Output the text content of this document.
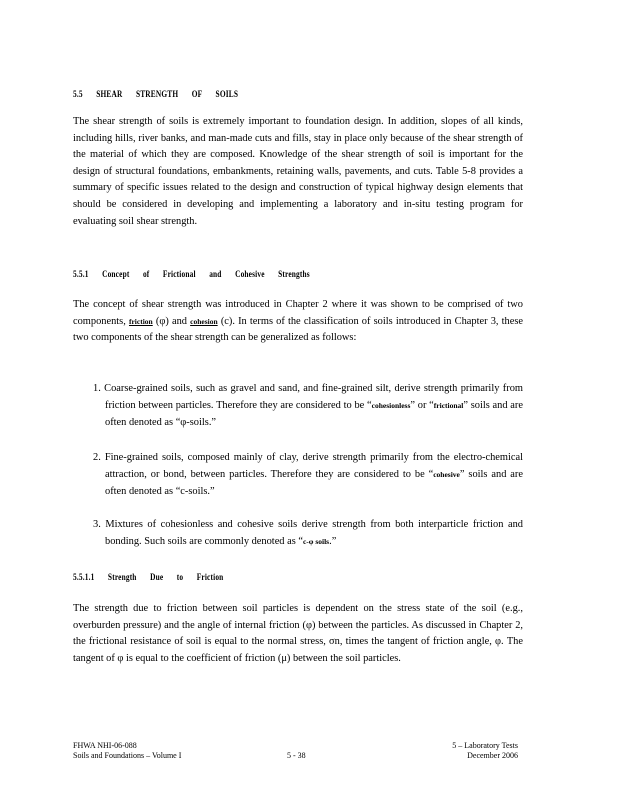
5.5 SHEAR STRENGTH OF SOILS
The shear strength of soils is extremely important to foundation design. In addition, slopes of all kinds, including hills, river banks, and man-made cuts and fills, stay in place only because of the shear strength of the material of which they are composed. Knowledge of the shear strength of soil is important for the design of structural foundations, embankments, retaining walls, pavements, and cuts. Table 5-8 provides a summary of specific issues related to the design and construction of typical highway design elements that should be considered in developing and implementing a laboratory and in-situ testing program for evaluating soil shear strength.
5.5.1 Concept of Frictional and Cohesive Strengths
The concept of shear strength was introduced in Chapter 2 where it was shown to be comprised of two components, friction (φ) and cohesion (c). In terms of the classification of soils introduced in Chapter 3, these two components of the shear strength can be generalized as follows:
1. Coarse-grained soils, such as gravel and sand, and fine-grained silt, derive strength primarily from friction between particles. Therefore they are considered to be “cohesionless” or “frictional” soils and are often denoted as “φ-soils.”
2. Fine-grained soils, composed mainly of clay, derive strength primarily from the electro-chemical attraction, or bond, between particles. Therefore they are considered to be “cohesive” soils and are often denoted as “c-soils.”
3. Mixtures of cohesionless and cohesive soils derive strength from both interparticle friction and bonding. Such soils are commonly denoted as “c-φ soils.”
5.5.1.1 Strength Due to Friction
The strength due to friction between soil particles is dependent on the stress state of the soil (e.g., overburden pressure) and the angle of internal friction (φ) between the particles. As discussed in Chapter 2, the frictional resistance of soil is equal to the normal stress, σn, times the tangent of friction angle, φ. The tangent of φ is equal to the coefficient of friction (μ) between the soil particles.
FHWA NHI-06-088
Soils and Foundations – Volume I	5 - 38
5 – Laboratory Tests
December 2006
